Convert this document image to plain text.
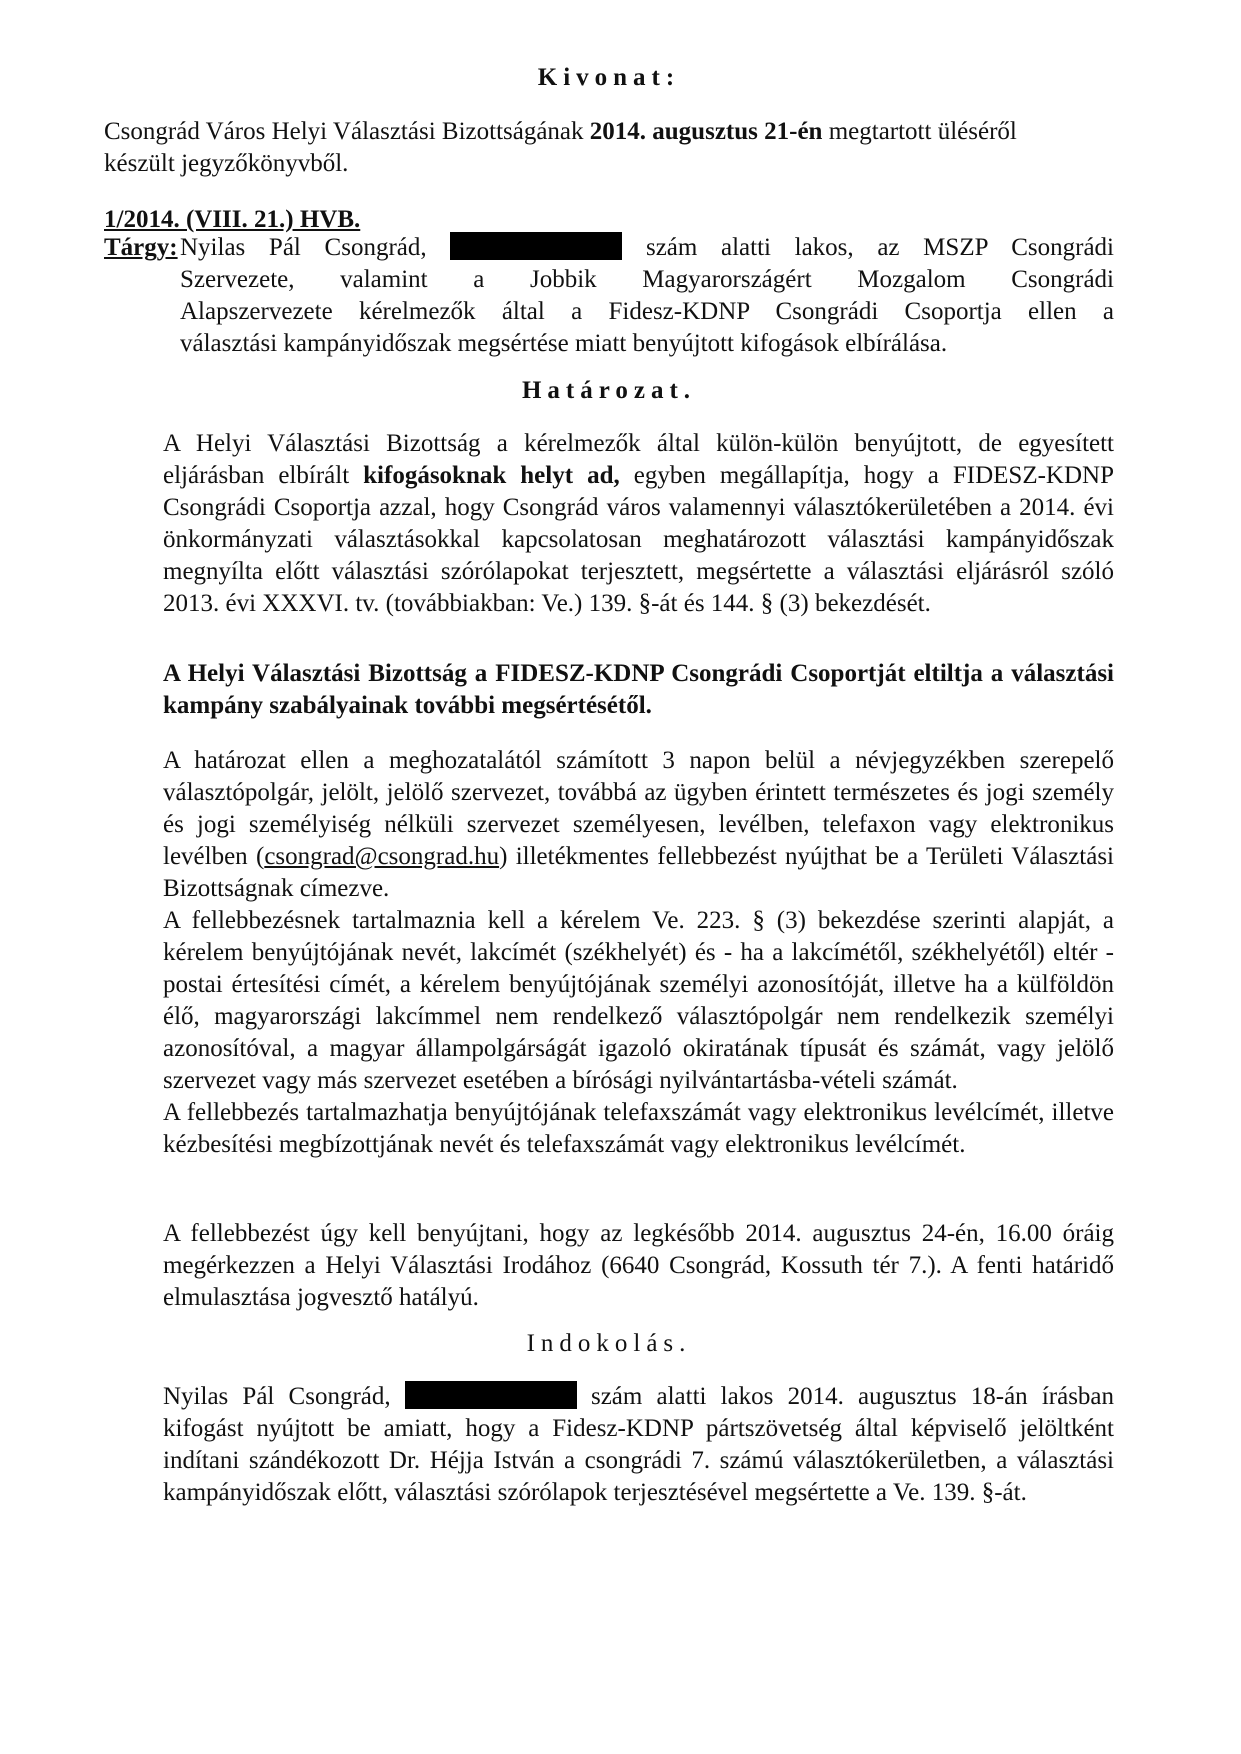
Kivonat:
Csongrád Város Helyi Választási Bizottságának 2014. augusztus 21-én megtartott üléséről
készült jegyzőkönyvből.
1/2014. (VIII. 21.) HVB.
Tárgy: Nyilas Pál Csongrád,	szám alatti lakos, az MSZP Csongrádi
Szervezete, valamint a Jobbik Magyarországért Mozgalom Csongrádi
Alapszervezete kérelmezők által a Fidesz-KDNP Csongrádi Csoportja ellen a
választási kampányidőszak megsértése miatt benyújtott kifogások elbírálása.
Határozat.
A Helyi Választási Bizottság a kérelmezők által külön-külön benyújtott, de egyesített eljárásban elbírált kifogásoknak helyt ad, egyben megállapítja, hogy a FIDESZ-KDNP Csongrádi Csoportja azzal, hogy Csongrád város valamennyi választókerületében a 2014. évi önkormányzati választásokkal kapcsolatosan meghatározott választási kampányidőszak megnyílta előtt választási szórólapokat terjesztett, megsértette a választási eljárásról szóló 2013. évi XXXVI. tv. (továbbiakban: Ve.) 139. §-át és 144. § (3) bekezdését.
A Helyi Választási Bizottság a FIDESZ-KDNP Csongrádi Csoportját eltiltja a választási kampány szabályainak további megsértésétől.
A határozat ellen a meghozatalától számított 3 napon belül a névjegyzékben szerepelő választópolgár, jelölt, jelölő szervezet, továbbá az ügyben érintett természetes és jogi személy és jogi személyiség nélküli szervezet személyesen, levélben, telefaxon vagy elektronikus levélben (csongrad@csongrad.hu) illetékmentes fellebbezést nyújthat be a Területi Választási Bizottságnak címezve.
A fellebbezésnek tartalmaznia kell a kérelem Ve. 223. § (3) bekezdése szerinti alapját, a kérelem benyújtójának nevét, lakcímét (székhelyét) és - ha a lakcímétől, székhelyétől) eltér - postai értesítési címét, a kérelem benyújtójának személyi azonosítóját, illetve ha a külföldön élő, magyarországi lakcímmel nem rendelkező választópolgár nem rendelkezik személyi azonosítóval, a magyar állampolgárságát igazoló okiratának típusát és számát, vagy jelölő szervezet vagy más szervezet esetében a bírósági nyilvántartásba-vételi számát.
A fellebbezés tartalmazhatja benyújtójának telefaxszámát vagy elektronikus levélcímét, illetve kézbesítési megbízottjának nevét és telefaxszámát vagy elektronikus levélcímét.
A fellebbezést úgy kell benyújtani, hogy az legkésőbb 2014. augusztus 24-én, 16.00 óráig megérkezzen a Helyi Választási Irodához (6640 Csongrád, Kossuth tér 7.). A fenti határidő elmulasztása jogvesztő hatályú.
Indokolás.
Nyilas Pál Csongrád,	szám alatti lakos 2014. augusztus 18-án írásban
kifogást nyújtott be amiatt, hogy a Fidesz-KDNP pártszövetség által képviselő jelöltként indítani szándékozott Dr. Héjja István a csongrádi 7. számú választókerületben, a választási kampányidőszak előtt, választási szórólapok terjesztésével megsértette a Ve. 139. §-át.
